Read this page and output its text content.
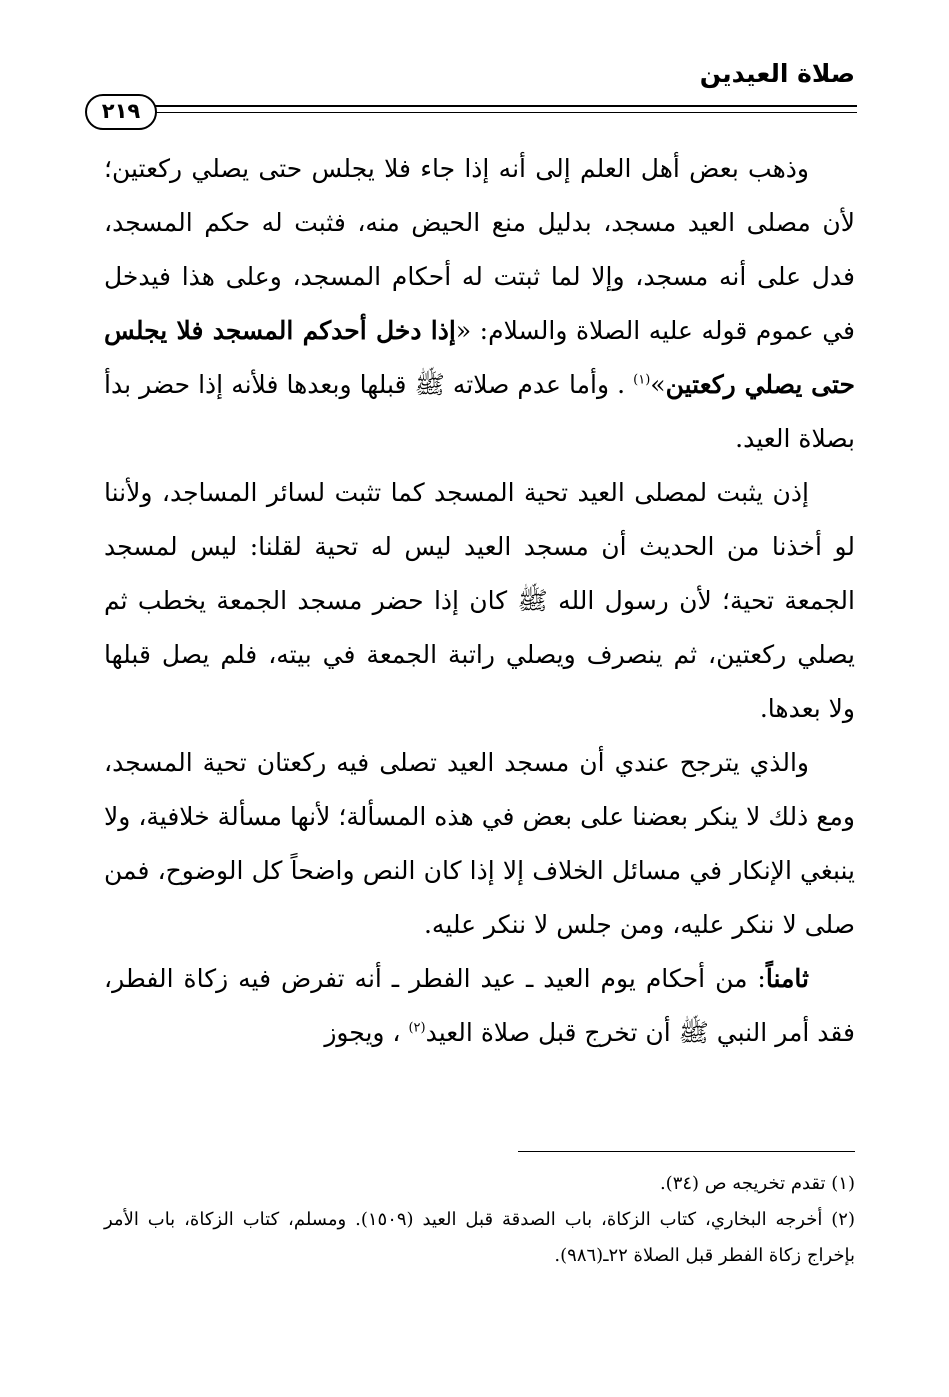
صلاة العيدين
٢١٩

وذهب بعض أهل العلم إلى أنه إذا جاء فلا يجلس حتى يصلي ركعتين؛ لأن مصلى العيد مسجد، بدليل منع الحيض منه، فثبت له حكم المسجد، فدل على أنه مسجد، وإلا لما ثبتت له أحكام المسجد، وعلى هذا فيدخل في عموم قوله عليه الصلاة والسلام: «إذا دخل أحدكم المسجد فلا يجلس حتى يصلي ركعتين»$^{(١)}$ . وأما عدم صلاته ﷺ قبلها وبعدها فلأنه إذا حضر بدأ بصلاة العيد.

إذن يثبت لمصلى العيد تحية المسجد كما تثبت لسائر المساجد، ولأننا لو أخذنا من الحديث أن مسجد العيد ليس له تحية لقلنا: ليس لمسجد الجمعة تحية؛ لأن رسول الله ﷺ كان إذا حضر مسجد الجمعة يخطب ثم يصلي ركعتين، ثم ينصرف ويصلي راتبة الجمعة في بيته، فلم يصل قبلها ولا بعدها.

والذي يترجح عندي أن مسجد العيد تصلى فيه ركعتان تحية المسجد، ومع ذلك لا ينكر بعضنا على بعض في هذه المسألة؛ لأنها مسألة خلافية، ولا ينبغي الإنكار في مسائل الخلاف إلا إذا كان النص واضحاً كل الوضوح، فمن صلى لا ننكر عليه، ومن جلس لا ننكر عليه.

ثامناً: من أحكام يوم العيد ـ عيد الفطر ـ أنه تفرض فيه زكاة الفطر، فقد أمر النبي ﷺ أن تخرج قبل صلاة العيد$^{(٢)}$ ، ويجوز

(١) تقدم تخريجه ص (٣٤).

(٢) أخرجه البخاري، كتاب الزكاة، باب الصدقة قبل العيد (١٥٠٩). ومسلم، كتاب الزكاة، باب الأمر بإخراج زكاة الفطر قبل الصلاة ٢٢ـ(٩٨٦).
